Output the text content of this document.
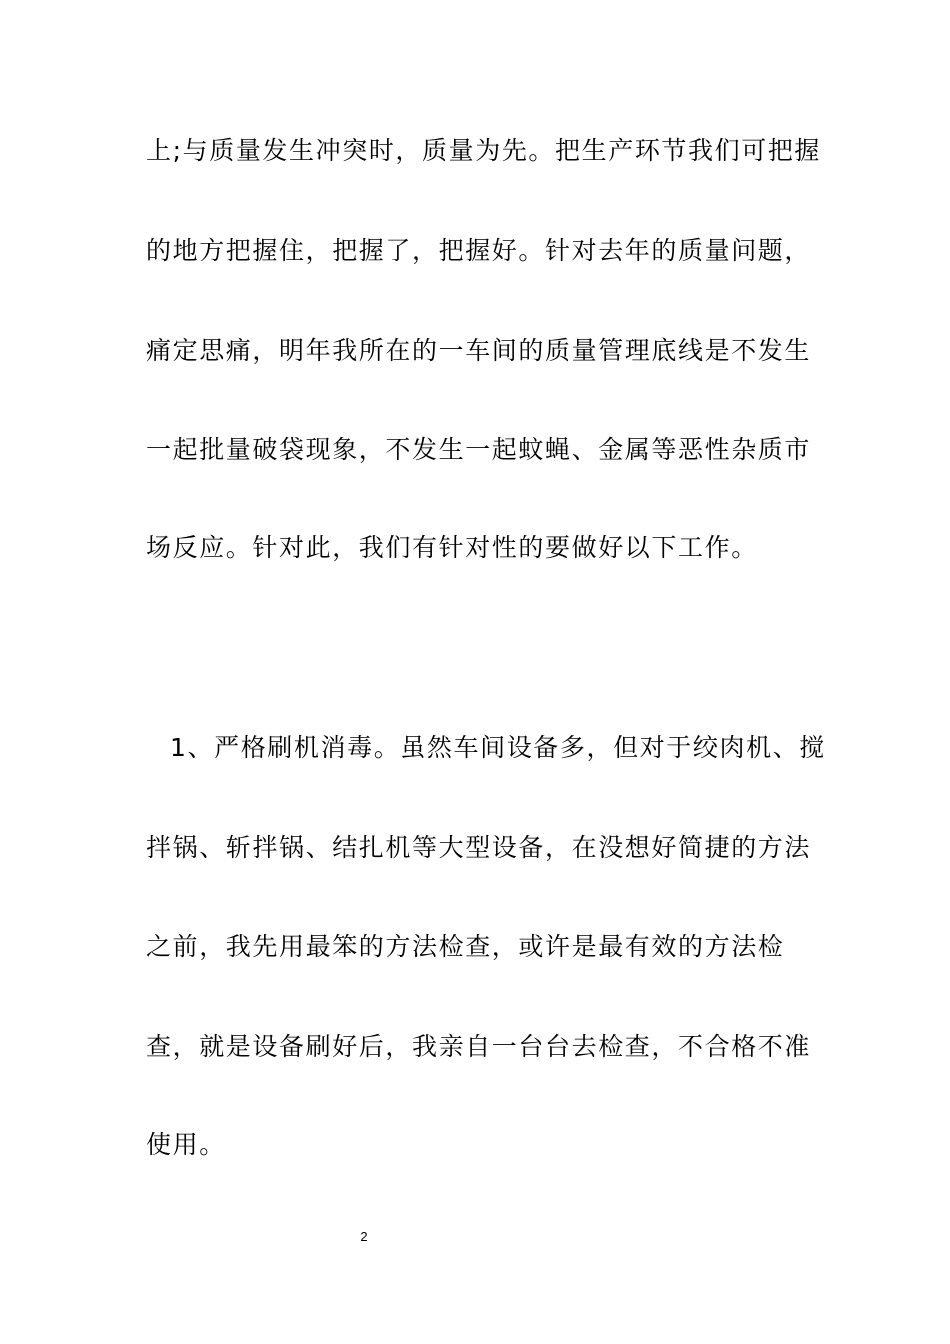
上;与质量发生冲突时，质量为先。把生产环节我们可把握
的地方把握住，把握了，把握好。针对去年的质量问题，
痛定思痛，明年我所在的一车间的质量管理底线是不发生
一起批量破袋现象，不发生一起蚊蝇、金属等恶性杂质市
场反应。针对此，我们有针对性的要做好以下工作。
1、严格刷机消毒。虽然车间设备多，但对于绞肉机、搅
拌锅、斩拌锅、结扎机等大型设备，在没想好简捷的方法
之前，我先用最笨的方法检查，或许是最有效的方法检
查，就是设备刷好后，我亲自一台台去检查，不合格不准
使用。
2
